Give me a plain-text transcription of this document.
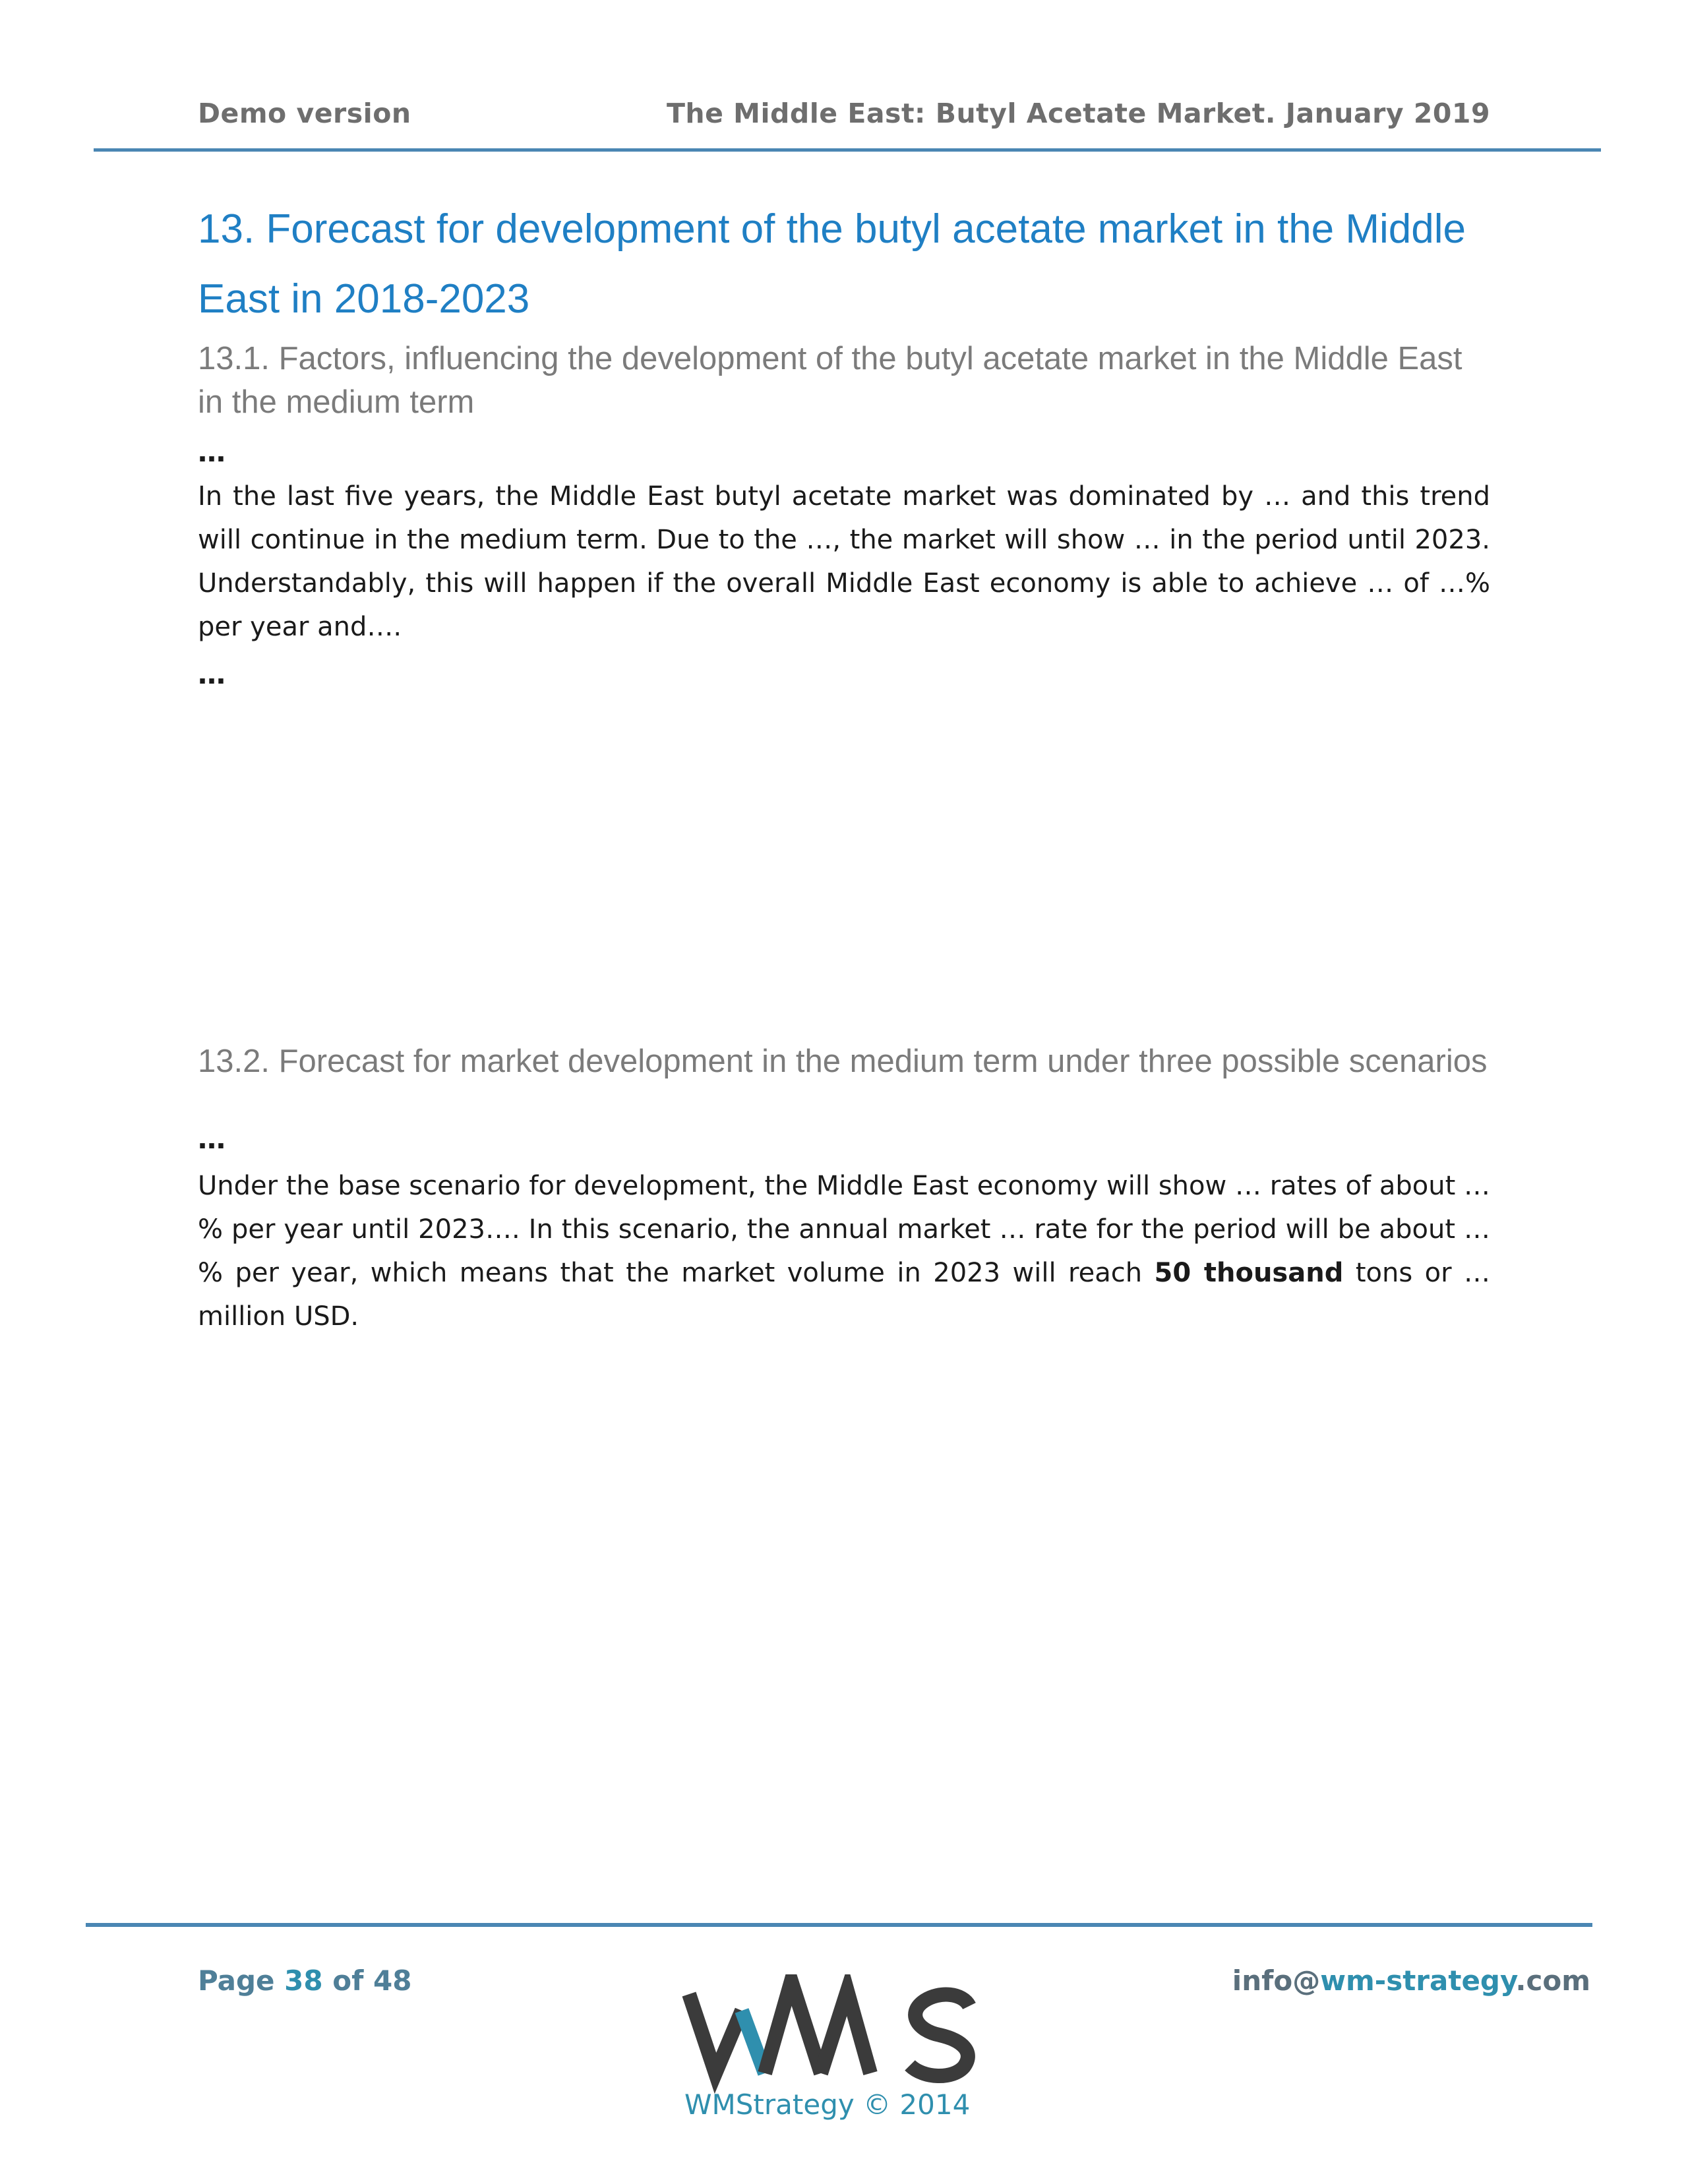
Demo version	The Middle East: Butyl Acetate Market. January 2019
13. Forecast for development of the butyl acetate market in the Middle East in 2018-2023
13.1. Factors, influencing the development of the butyl acetate market in the Middle East in the medium term

…

In the last five years, the Middle East butyl acetate market was dominated by … and this trend will continue in the medium term. Due to the …, the market will show … in the period until 2023. Understandably, this will happen if the overall Middle East economy is able to achieve … of …% per year and….

…

13.2. Forecast for market development in the medium term under three possible scenarios

…

Under the base scenario for development, the Middle East economy will show … rates of about …% per year until 2023…. In this scenario, the annual market … rate for the period will be about …% per year, which means that the market volume in 2023 will reach 50 thousand tons or … million USD.

Page 38 of 48	info@wm-strategy.com
WMStrategy © 2014
